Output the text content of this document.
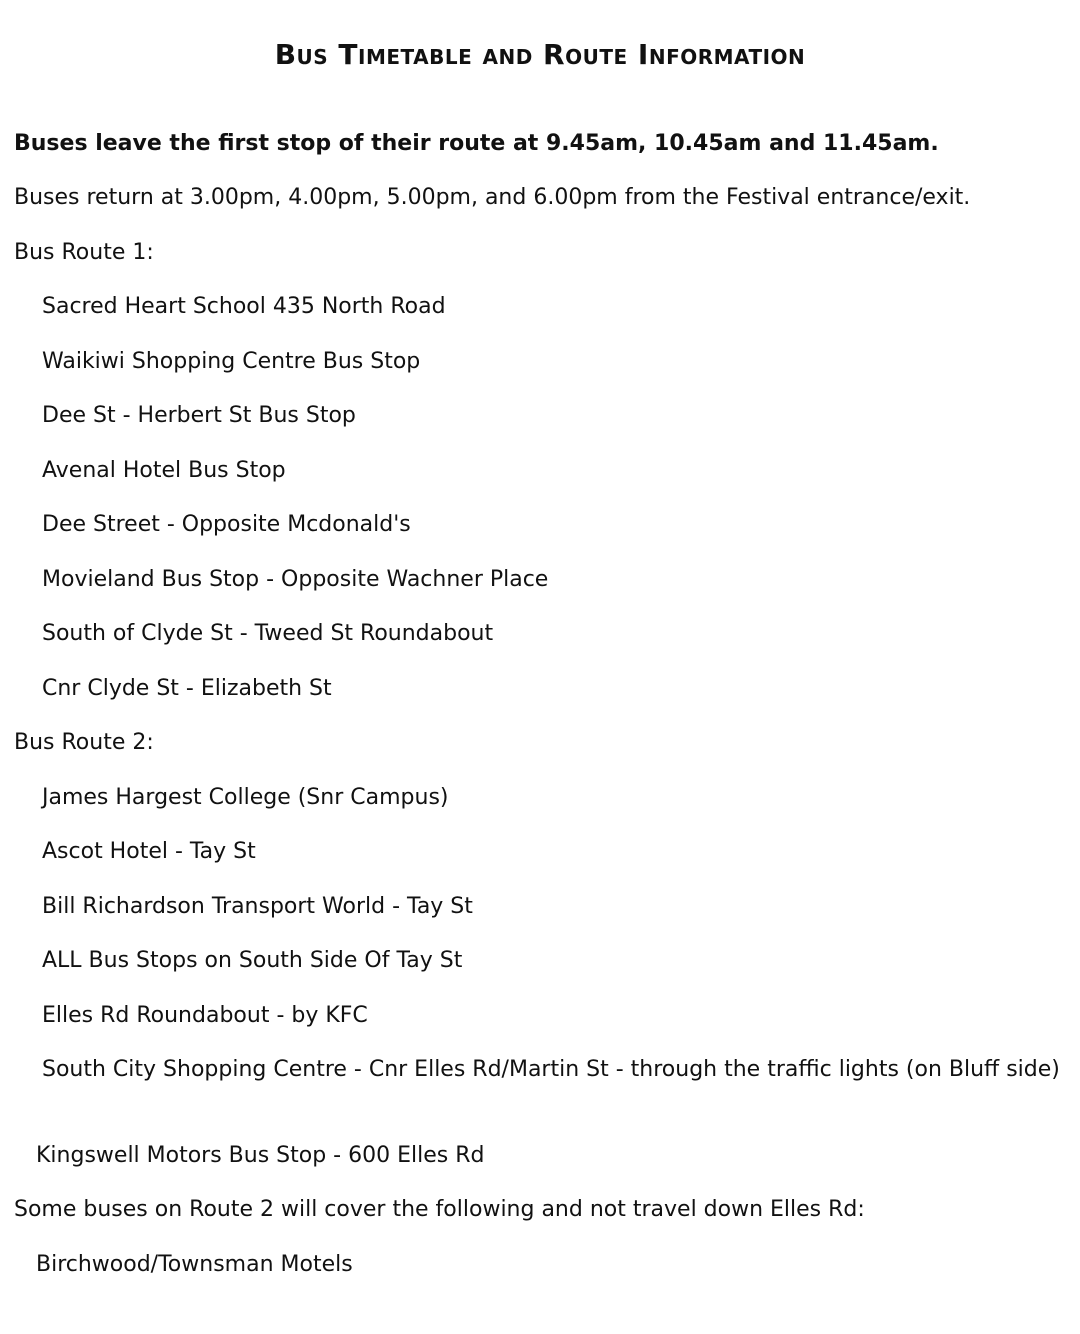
Bus Timetable and Route Information

Buses leave the first stop of their route at 9.45am, 10.45am and 11.45am.

Buses return at 3.00pm, 4.00pm, 5.00pm, and 6.00pm from the Festival entrance/exit.

Bus Route 1:

Sacred Heart School 435 North Road

Waikiwi Shopping Centre Bus Stop

Dee St - Herbert St Bus Stop

Avenal Hotel Bus Stop

Dee Street - Opposite Mcdonald's

Movieland Bus Stop - Opposite Wachner Place

South of Clyde St - Tweed St Roundabout

Cnr Clyde St - Elizabeth St

Bus Route 2:

James Hargest College (Snr Campus)

Ascot Hotel - Tay St

Bill Richardson Transport World - Tay St

ALL Bus Stops on South Side Of Tay St

Elles Rd Roundabout - by KFC

South City Shopping Centre - Cnr Elles Rd/Martin St - through the traffic lights (on Bluff side)

Kingswell Motors Bus Stop - 600 Elles Rd

Some buses on Route 2 will cover the following and not travel down Elles Rd:

Birchwood/Townsman Motels
